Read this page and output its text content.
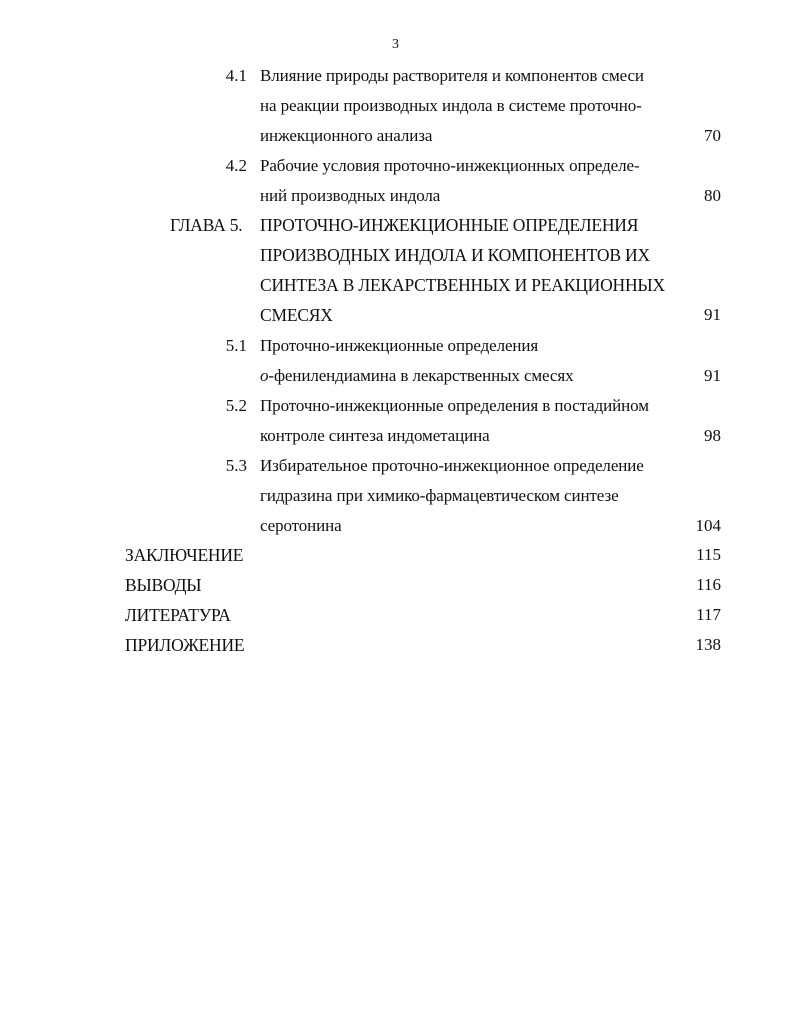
3
4.1 Влияние природы растворителя и компонентов смеси
на реакции производных индола в системе проточно-
инжекционного анализа	70
4.2 Рабочие условия проточно-инжекционных определе-
ний производных индола	80
ГЛАВА 5. ПРОТОЧНО-ИНЖЕКЦИОННЫЕ ОПРЕДЕЛЕНИЯ
ПРОИЗВОДНЫХ ИНДОЛА И КОМПОНЕНТОВ ИХ
СИНТЕЗА В ЛЕКАРСТВЕННЫХ И РЕАКЦИОННЫХ
СМЕСЯХ	91
5.1 Проточно-инжекционные определения
о-фенилендиамина в лекарственных смесях	91
5.2 Проточно-инжекционные определения в постадийном
контроле синтеза индометацина	98
5.3 Избирательное проточно-инжекционное определение
гидразина при химико-фармацевтическом синтезе
серотонина	104
ЗАКЛЮЧЕНИЕ	115
ВЫВОДЫ	116
ЛИТЕРАТУРА	117
ПРИЛОЖЕНИЕ	138
